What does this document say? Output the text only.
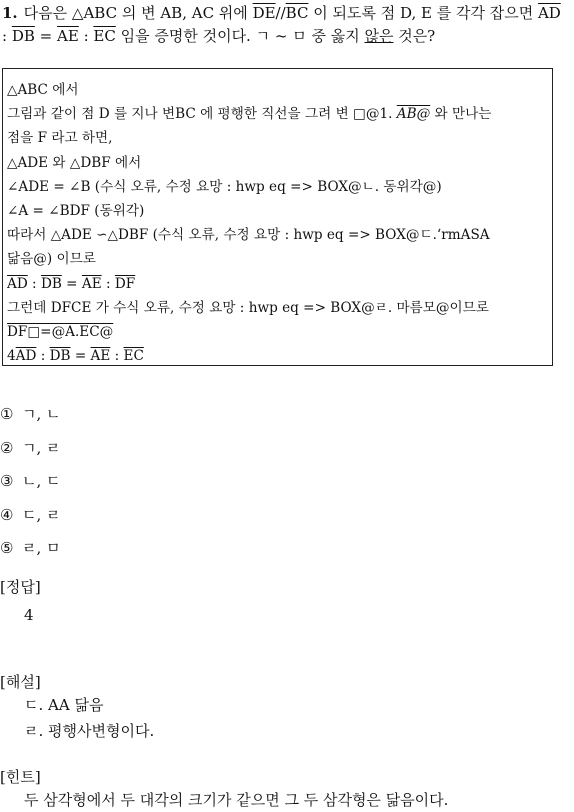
1. 다음은 △ABC 의 변 AB, AC 위에 $\overline{DE}//\overline{BC}$ 이 되도록 점 D, E 를 각각 잡으면 $\overline{AD}$ : $\overline{DB} = \overline{AE}$ : $\overline{EC}$ 임을 증명한 것이다. ㄱ ~ ㅁ 중 옳지 않은 것은?
△ABC 에서
그림과 같이 점 D 를 지나 변BC 에 평행한 직선을 그려 변 □@1. AB@ 와 만나는
점을 F 라고 하면,
△ADE 와 △DBF 에서
∠ADE = ∠B (수식 오류, 수정 요망 : hwp eq => BOX@ㄴ. 동위각@)
∠A = ∠BDF (동위각)
따라서 △ADE ∽△DBF (수식 오류, 수정 요망 : hwp eq => BOX@ㄷ.‘rmASA
닮음@) 이므로
$\overline{AD}$ : $\overline{DB} = \overline{AE}$ : $\overline{DF}$
그런데 DFCE 가 수식 오류, 수정 요망 : hwp eq => BOX@ㄹ. 마름모@이므로
DF□=@A.EC@
$4\overline{AD}$ : $\overline{DB} = \overline{AE}$ : $\overline{EC}$
① ㄱ, ㄴ
② ㄱ, ㄹ
③ ㄴ, ㄷ
④ ㄷ, ㄹ
⑤ ㄹ, ㅁ
[정답]
4
[해설]
ㄷ. AA 닮음
ㄹ. 평행사변형이다.
[힌트]
두 삼각형에서 두 대각의 크기가 같으면 그 두 삼각형은 닮음이다.
